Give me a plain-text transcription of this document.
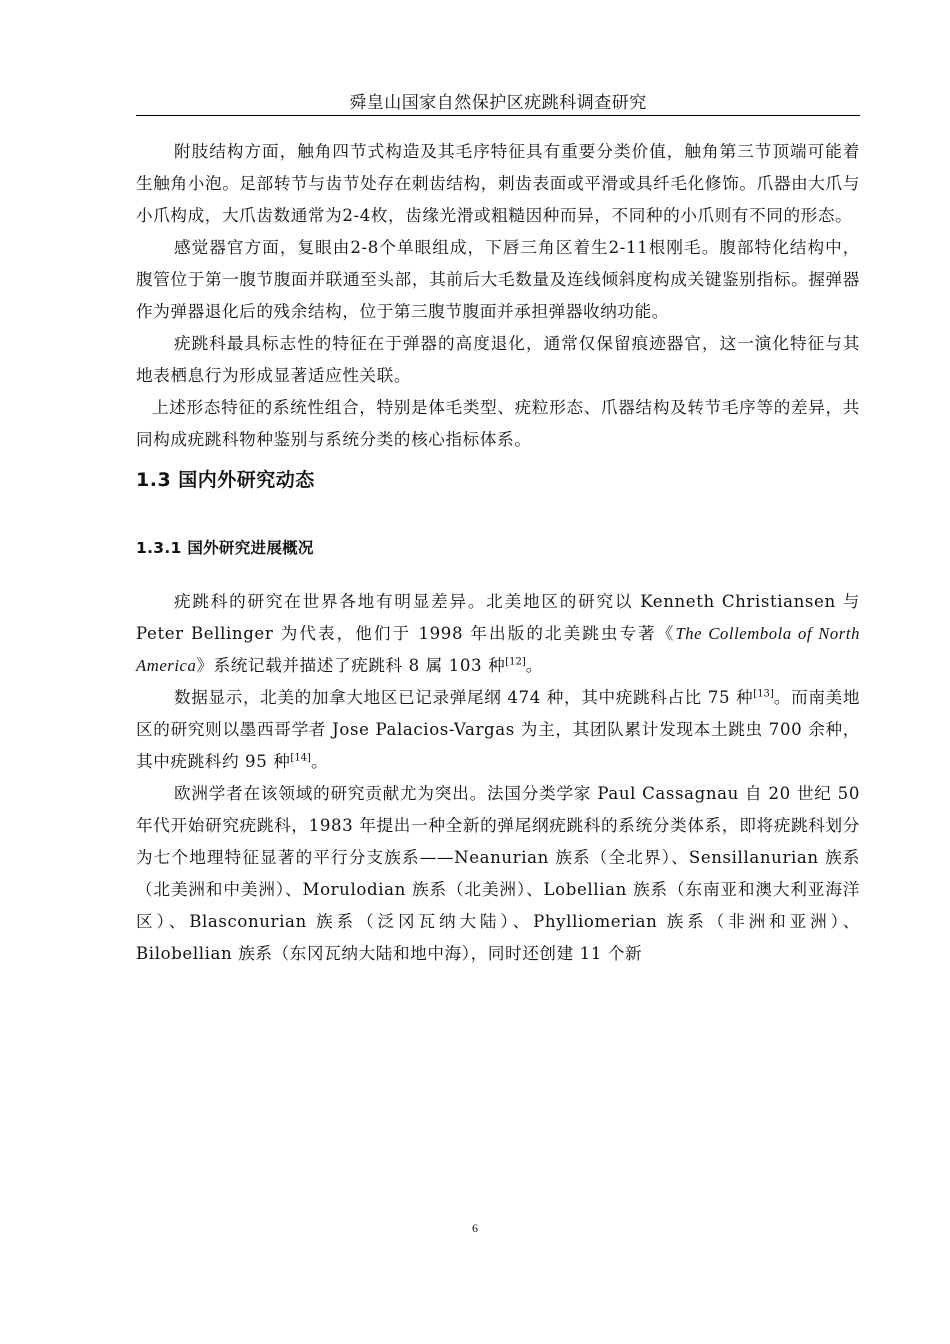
舜皇山国家自然保护区疣跳科调查研究

附肢结构方面，触角四节式构造及其毛序特征具有重要分类价值，触角第三节顶端可能着生触角小泡。足部转节与齿节处存在刺齿结构，刺齿表面或平滑或具纤毛化修饰。爪器由大爪与小爪构成，大爪齿数通常为2-4枚，齿缘光滑或粗糙因种而异，不同种的小爪则有不同的形态。

感觉器官方面，复眼由2-8个单眼组成，下唇三角区着生2-11根刚毛。腹部特化结构中，腹管位于第一腹节腹面并联通至头部，其前后大毛数量及连线倾斜度构成关键鉴别指标。握弹器作为弹器退化后的残余结构，位于第三腹节腹面并承担弹器收纳功能。

疣跳科最具标志性的特征在于弹器的高度退化，通常仅保留痕迹器官，这一演化特征与其地表栖息行为形成显著适应性关联。

上述形态特征的系统性组合，特别是体毛类型、疣粒形态、爪器结构及转节毛序等的差异，共同构成疣跳科物种鉴别与系统分类的核心指标体系。

1.3 国内外研究动态
1.3.1 国外研究进展概况

疣跳科的研究在世界各地有明显差异。北美地区的研究以 Kenneth Christiansen 与 Peter Bellinger 为代表，他们于 1998 年出版的北美跳虫专著《The Collembola of North America》系统记载并描述了疣跳科 8 属 103 种[12]。

数据显示，北美的加拿大地区已记录弹尾纲 474 种，其中疣跳科占比 75 种[13]。而南美地区的研究则以墨西哥学者 Jose Palacios-Vargas 为主，其团队累计发现本土跳虫 700 余种，其中疣跳科约 95 种[14]。

欧洲学者在该领域的研究贡献尤为突出。法国分类学家 Paul Cassagnau 自 20 世纪 50 年代开始研究疣跳科，1983 年提出一种全新的弹尾纲疣跳科的系统分类体系，即将疣跳科划分为七个地理特征显著的平行分支族系——Neanurian 族系（全北界）、Sensillanurian 族系（北美洲和中美洲）、Morulodian 族系（北美洲）、Lobellian 族系（东南亚和澳大利亚海洋区）、Blasconurian 族系（泛冈瓦纳大陆）、Phylliomerian 族系（非洲和亚洲）、Bilobellian 族系（东冈瓦纳大陆和地中海），同时还创建 11 个新

6
